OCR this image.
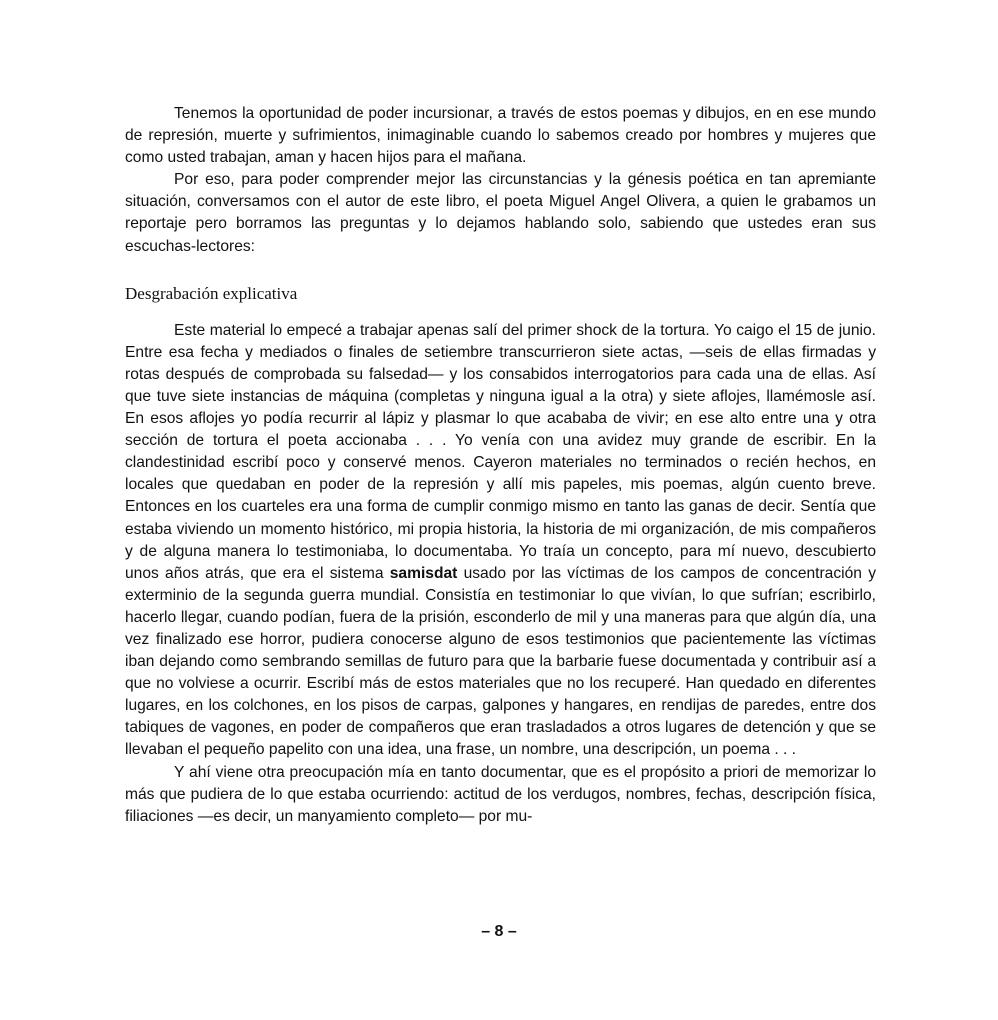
Tenemos la oportunidad de poder incursionar, a través de estos poemas y dibujos, en en ese mundo de represión, muerte y sufrimientos, inimaginable cuando lo sabemos creado por hombres y mujeres que como usted trabajan, aman y hacen hijos para el mañana.

Por eso, para poder comprender mejor las circunstancias y la génesis poética en tan apremiante situación, conversamos con el autor de este libro, el poeta Miguel Angel Olivera, a quien le grabamos un reportaje pero borramos las preguntas y lo dejamos hablando solo, sabiendo que ustedes eran sus escuchas-lectores:

Desgrabación explicativa

Este material lo empecé a trabajar apenas salí del primer shock de la tortura. Yo caigo el 15 de junio. Entre esa fecha y mediados o finales de setiembre transcurrieron siete actas, —seis de ellas firmadas y rotas después de comprobada su falsedad— y los consabidos interrogatorios para cada una de ellas. Así que tuve siete instancias de máquina (completas y ninguna igual a la otra) y siete aflojes, llamémosle así. En esos aflojes yo podía recurrir al lápiz y plasmar lo que acababa de vivir; en ese alto entre una y otra sección de tortura el poeta accionaba . . . Yo venía con una avidez muy grande de escribir. En la clandestinidad escribí poco y conservé menos. Cayeron materiales no terminados o recién hechos, en locales que quedaban en poder de la represión y allí mis papeles, mis poemas, algún cuento breve. Entonces en los cuarteles era una forma de cumplir conmigo mismo en tanto las ganas de decir. Sentía que estaba viviendo un momento histórico, mi propia historia, la historia de mi organización, de mis compañeros y de alguna manera lo testimoniaba, lo documentaba. Yo traía un concepto, para mí nuevo, descubierto unos años atrás, que era el sistema samisdat usado por las víctimas de los campos de concentración y exterminio de la segunda guerra mundial. Consistía en testimoniar lo que vivían, lo que sufrían; escribirlo, hacerlo llegar, cuando podían, fuera de la prisión, esconderlo de mil y una maneras para que algún día, una vez finalizado ese horror, pudiera conocerse alguno de esos testimonios que pacientemente las víctimas iban dejando como sembrando semillas de futuro para que la barbarie fuese documentada y contribuir así a que no volviese a ocurrir. Escribí más de estos materiales que no los recuperé. Han quedado en diferentes lugares, en los colchones, en los pisos de carpas, galpones y hangares, en rendijas de paredes, entre dos tabiques de vagones, en poder de compañeros que eran trasladados a otros lugares de detención y que se llevaban el pequeño papelito con una idea, una frase, un nombre, una descripción, un poema . . .

Y ahí viene otra preocupación mía en tanto documentar, que es el propósito a priori de memorizar lo más que pudiera de lo que estaba ocurriendo: actitud de los verdugos, nombres, fechas, descripción física, filiaciones —es decir, un manyamiento completo— por mu-

– 8 –
